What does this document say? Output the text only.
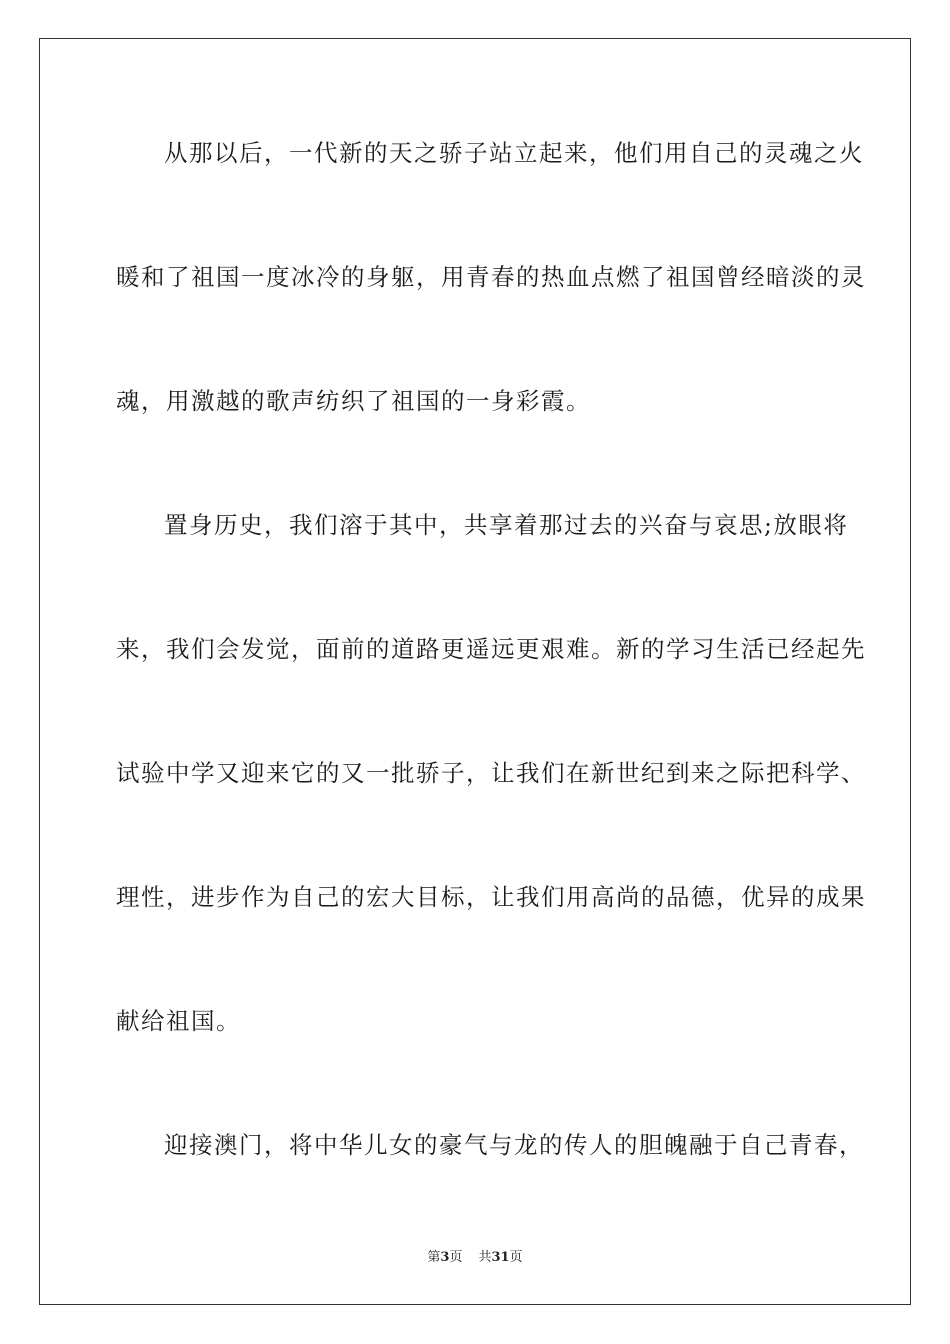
从那以后，一代新的天之骄子站立起来，他们用自己的灵魂之火
暖和了祖国一度冰冷的身躯，用青春的热血点燃了祖国曾经暗淡的灵
魂，用激越的歌声纺织了祖国的一身彩霞。
置身历史，我们溶于其中，共享着那过去的兴奋与哀思;放眼将
来，我们会发觉，面前的道路更遥远更艰难。新的学习生活已经起先
试验中学又迎来它的又一批骄子，让我们在新世纪到来之际把科学、
理性，进步作为自己的宏大目标，让我们用高尚的品德，优异的成果
献给祖国。
迎接澳门，将中华儿女的豪气与龙的传人的胆魄融于自己青春，
第3页 共31页
